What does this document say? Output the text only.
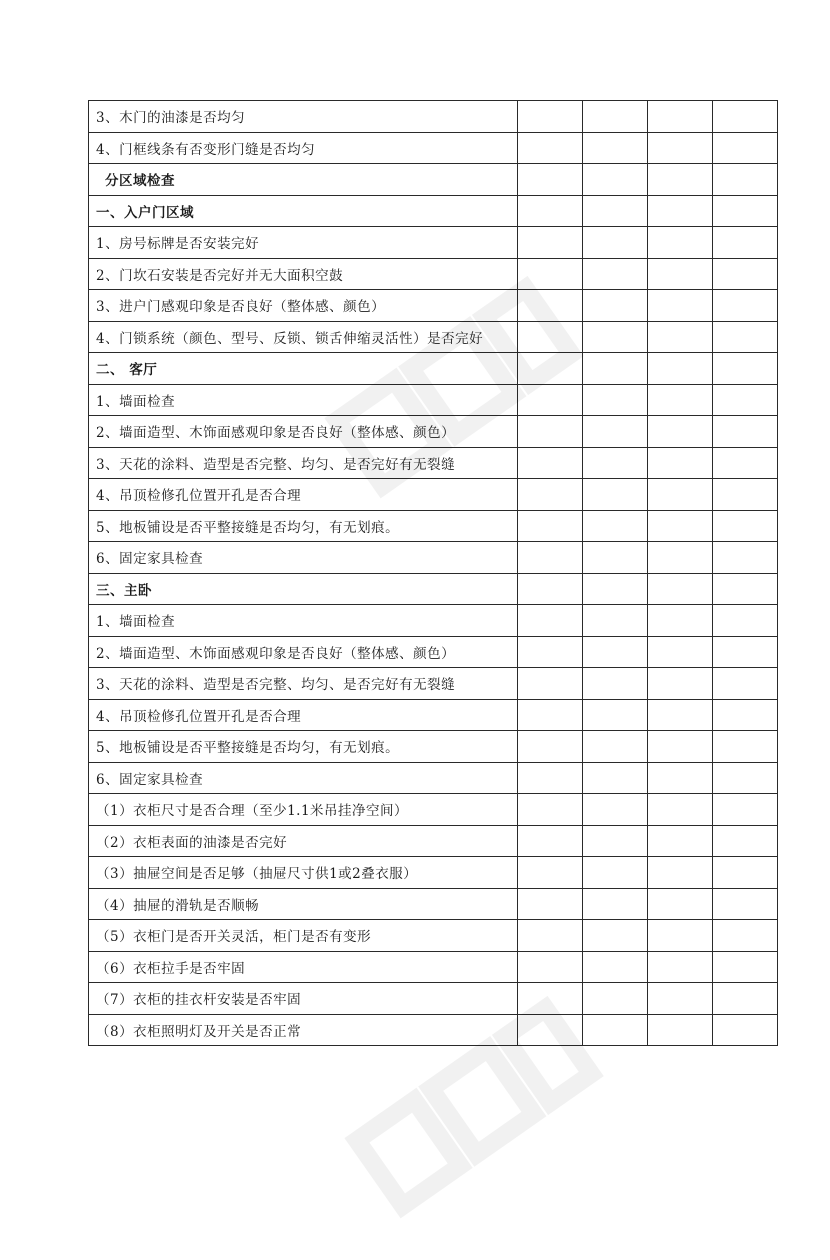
3、木门的油漆是否均匀				
4、门框线条有否变形门缝是否均匀				
分区域检查				
一、入户门区域				
1、房号标牌是否安装完好				
2、门坎石安装是否完好并无大面积空鼓				
3、进户门感观印象是否良好（整体感、颜色）				
4、门锁系统（颜色、型号、反锁、锁舌伸缩灵活性）是否完好				
二、 客厅				
1、墙面检查				
2、墙面造型、木饰面感观印象是否良好（整体感、颜色）				
3、天花的涂料、造型是否完整、均匀、是否完好有无裂缝				
4、吊顶检修孔位置开孔是否合理				
5、地板铺设是否平整接缝是否均匀，有无划痕。				
6、固定家具检查				
三、主卧				
1、墙面检查				
2、墙面造型、木饰面感观印象是否良好（整体感、颜色）				
3、天花的涂料、造型是否完整、均匀、是否完好有无裂缝				
4、吊顶检修孔位置开孔是否合理				
5、地板铺设是否平整接缝是否均匀，有无划痕。				
6、固定家具检查				
（1）衣柜尺寸是否合理（至少1.1米吊挂净空间）				
（2）衣柜表面的油漆是否完好				
（3）抽屉空间是否足够（抽屉尺寸供1或2叠衣服）				
（4）抽屉的滑轨是否顺畅				
（5）衣柜门是否开关灵活，柜门是否有变形				
（6）衣柜拉手是否牢固				
（7）衣柜的挂衣杆安装是否牢固				
（8）衣柜照明灯及开关是否正常				
